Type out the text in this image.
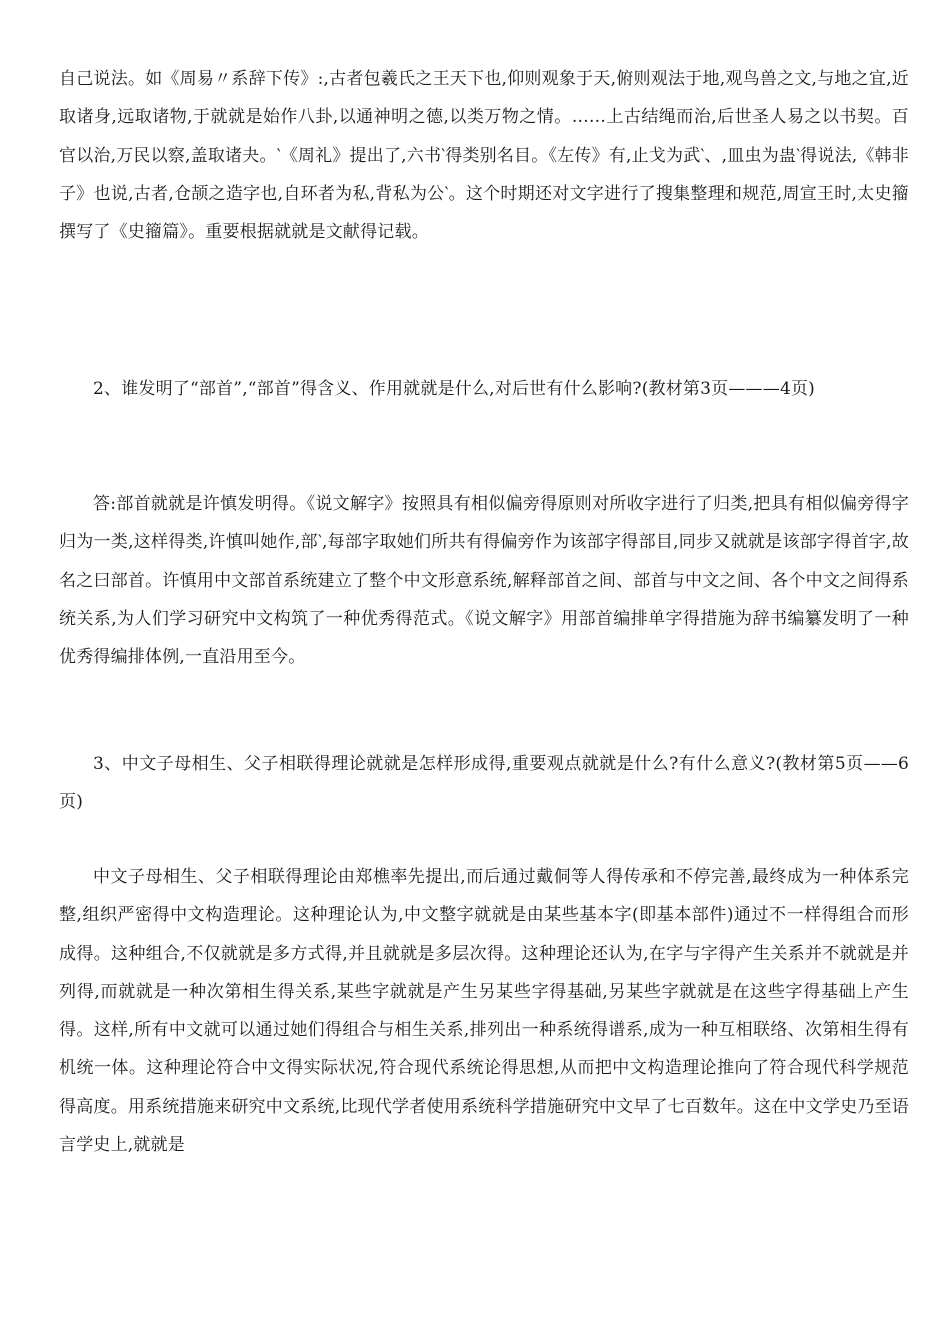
自己说法。如《周易〃系辞下传》:,古者包羲氏之王天下也,仰则观象于天,俯则观法于地,观鸟兽之文,与地之宜,近取诸身,远取诸物,于就就是始作八卦,以通神明之德,以类万物之情。……上古结绳而治,后世圣人易之以书契。百官以治,万民以察,盖取诸夬。‵《周礼》提出了,六书‵得类别名目。《左传》有,止戈为武‵、,皿虫为蛊‵得说法,《韩非子》也说,古者,仓颉之造字也,自环者为私,背私为公‵。这个时期还对文字进行了搜集整理和规范,周宣王时,太史籀撰写了《史籀篇》。重要根据就就是文献得记载。

2、谁发明了“部首”,“部首”得含义、作用就就是什么,对后世有什么影响?(教材第3页———4页)

答:部首就就是许慎发明得。《说文解字》按照具有相似偏旁得原则对所收字进行了归类,把具有相似偏旁得字归为一类,这样得类,许慎叫她作,部‵,每部字取她们所共有得偏旁作为该部字得部目,同步又就就是该部字得首字,故名之曰部首。许慎用中文部首系统建立了整个中文形意系统,解释部首之间、部首与中文之间、各个中文之间得系统关系,为人们学习研究中文构筑了一种优秀得范式。《说文解字》用部首编排单字得措施为辞书编纂发明了一种优秀得编排体例,一直沿用至今。

3、中文子母相生、父子相联得理论就就是怎样形成得,重要观点就就是什么?有什么意义?(教材第5页——6页)

中文子母相生、父子相联得理论由郑樵率先提出,而后通过戴侗等人得传承和不停完善,最终成为一种体系完整,组织严密得中文构造理论。这种理论认为,中文整字就就是由某些基本字(即基本部件)通过不一样得组合而形成得。这种组合,不仅就就是多方式得,并且就就是多层次得。这种理论还认为,在字与字得产生关系并不就就是并列得,而就就是一种次第相生得关系,某些字就就是产生另某些字得基础,另某些字就就是在这些字得基础上产生得。这样,所有中文就可以通过她们得组合与相生关系,排列出一种系统得谱系,成为一种互相联络、次第相生得有机统一体。这种理论符合中文得实际状况,符合现代系统论得思想,从而把中文构造理论推向了符合现代科学规范得高度。用系统措施来研究中文系统,比现代学者使用系统科学措施研究中文早了七百数年。这在中文学史乃至语言学史上,就就是
